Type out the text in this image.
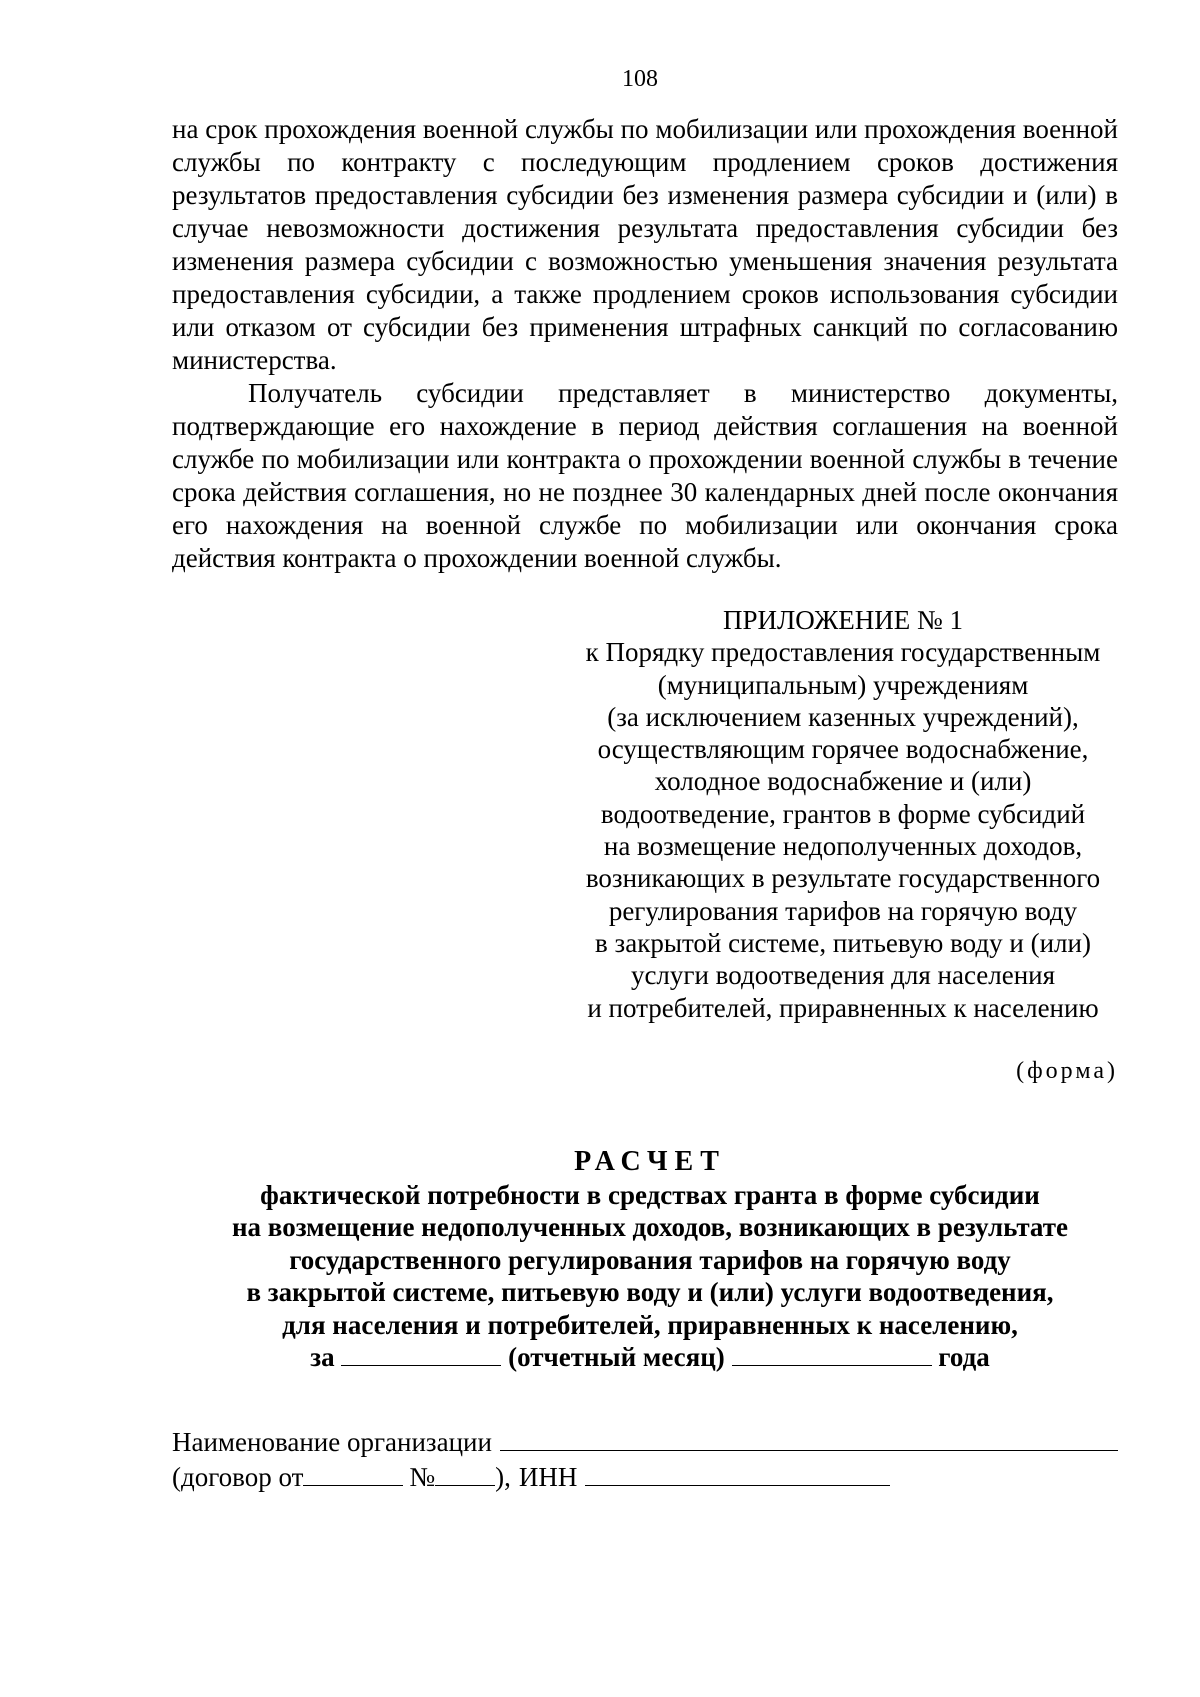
108

на срок прохождения военной службы по мобилизации или прохождения военной службы по контракту с последующим продлением сроков достижения результатов предоставления субсидии без изменения размера субсидии и (или) в случае невозможности достижения результата предоставления субсидии без изменения размера субсидии с возможностью уменьшения значения результата предоставления субсидии, а также продлением сроков использования субсидии или отказом от субсидии без применения штрафных санкций по согласованию министерства.

Получатель субсидии представляет в министерство документы, подтверждающие его нахождение в период действия соглашения на военной службе по мобилизации или контракта о прохождении военной службы в течение срока действия соглашения, но не позднее 30 календарных дней после окончания его нахождения на военной службе по мобилизации или окончания срока действия контракта о прохождении военной службы.

ПРИЛОЖЕНИЕ № 1
к Порядку предоставления государственным
(муниципальным) учреждениям
(за исключением казенных учреждений),
осуществляющим горячее водоснабжение,
холодное водоснабжение и (или)
водоотведение, грантов в форме субсидий
на возмещение недополученных доходов,
возникающих в результате государственного
регулирования тарифов на горячую воду
в закрытой системе, питьевую воду и (или)
услуги водоотведения для населения
и потребителей, приравненных к населению
(форма)
РАСЧЕТ
фактической потребности в средствах гранта в форме субсидии
на возмещение недополученных доходов, возникающих в результате
государственного регулирования тарифов на горячую воду
в закрытой системе, питьевую воду и (или) услуги водоотведения,
для населения и потребителей, приравненных к населению,
за	(отчетный месяц)	года
Наименование организации
(договор от	№ ), ИНН
